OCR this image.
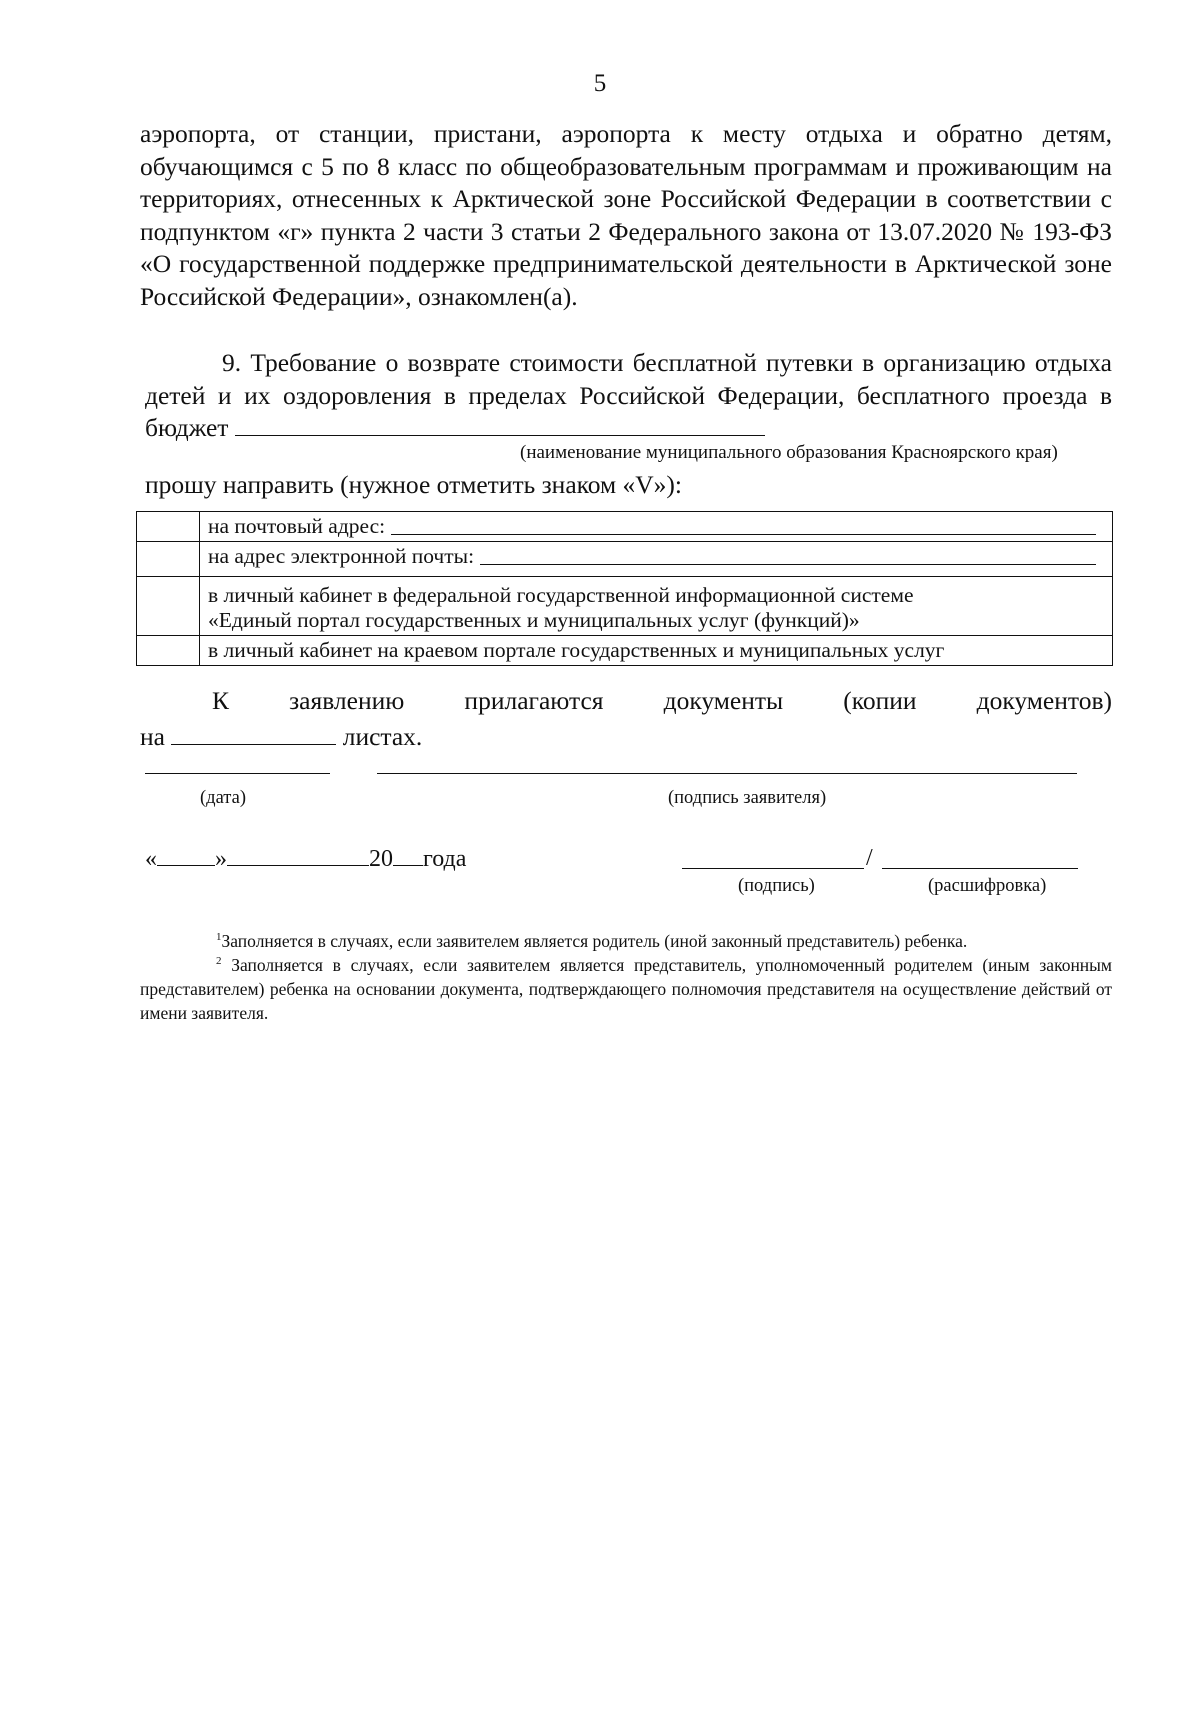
5

аэропорта, от станции, пристани, аэропорта к месту отдыха и обратно детям, обучающимся с 5 по 8 класс по общеобразовательным программам и проживающим на территориях, отнесенных к Арктической зоне Российской Федерации в соответствии с подпунктом «г» пункта 2 части 3 статьи 2 Федерального закона от 13.07.2020 № 193-ФЗ «О государственной поддержке предпринимательской деятельности в Арктической зоне Российской Федерации», ознакомлен(а).

9. Требование о возврате стоимости бесплатной путевки в организацию отдыха детей и их оздоровления в пределах Российской Федерации, бесплатного проезда в бюджет

(наименование муниципального образования Красноярского края)
прошу направить (нужное отметить знаком «V»):

	на почтовый адрес:

	на адрес электронной почты:

	в личный кабинет в федеральной государственной информационной системе
«Единый портал государственных и муниципальных услуг (функций)»

	в личный кабинет на краевом портале государственных и муниципальных услуг
К заявлению прилагаются документы (копии документов)
на	листах.
(дата)	(подпись заявителя)
« »	20 года	/
(подпись)	(расшифровка)
$^1$Заполняется в случаях, если заявителем является родитель (иной законный представитель) ребенка.
$^2$ Заполняется в случаях, если заявителем является представитель, уполномоченный родителем (иным законным представителем) ребенка на основании документа, подтверждающего полномочия представителя на осуществление действий от имени заявителя.
